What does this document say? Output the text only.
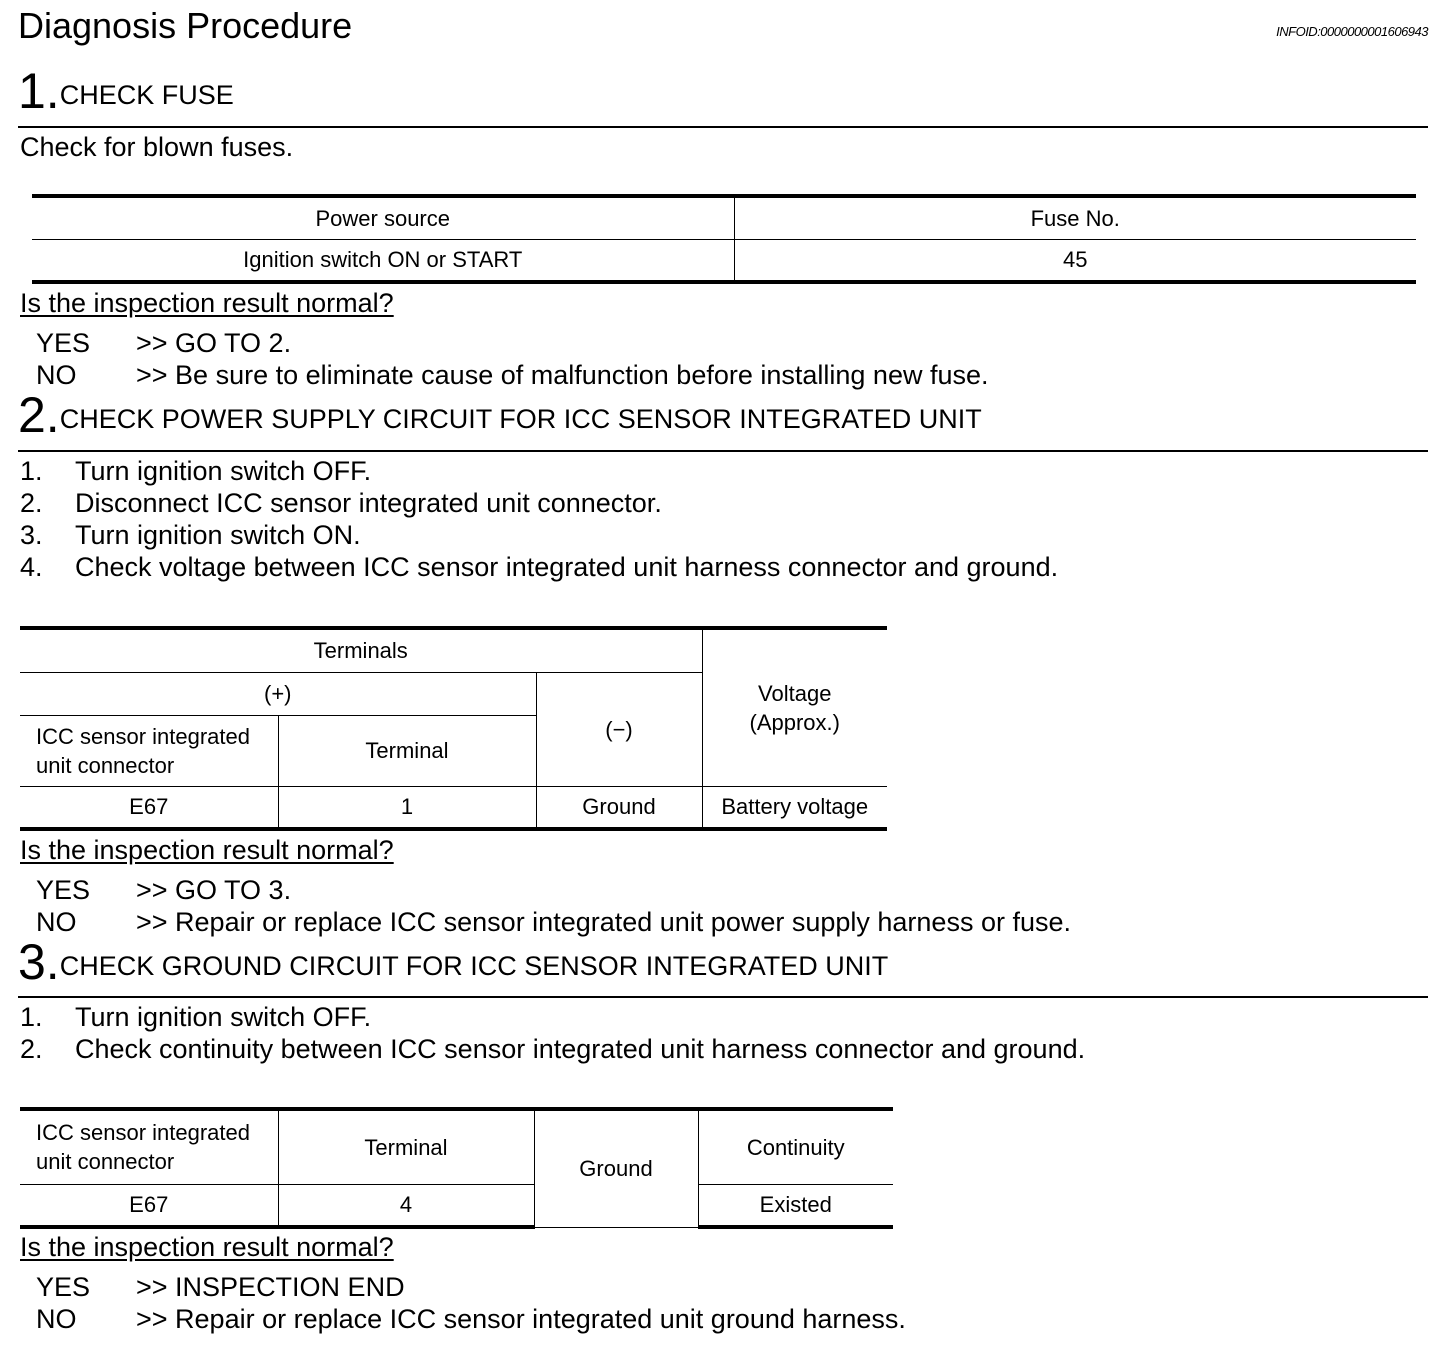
Diagnosis Procedure	INFOID:0000000001606943
1.CHECK FUSE
Check for blown fuses.
Power source	Fuse No.
Ignition switch ON or START	45
Is the inspection result normal?
YES >> GO TO 2.
NO >> Be sure to eliminate cause of malfunction before installing new fuse.
2.CHECK POWER SUPPLY CIRCUIT FOR ICC SENSOR INTEGRATED UNIT
1. Turn ignition switch OFF.
2. Disconnect ICC sensor integrated unit connector.
3. Turn ignition switch ON.
4. Check voltage between ICC sensor integrated unit harness connector and ground.
Terminals			Voltage
(Approx.)
(+)		(−)	
ICC sensor integrated
unit connector	Terminal		
E67	1	Ground	Battery voltage
Is the inspection result normal?
YES >> GO TO 3.
NO >> Repair or replace ICC sensor integrated unit power supply harness or fuse.
3.CHECK GROUND CIRCUIT FOR ICC SENSOR INTEGRATED UNIT
1. Turn ignition switch OFF.
2. Check continuity between ICC sensor integrated unit harness connector and ground.
ICC sensor integrated
unit connector	Terminal	Ground	Continuity
E67	4		Existed
Is the inspection result normal?
YES >> INSPECTION END
NO >> Repair or replace ICC sensor integrated unit ground harness.
